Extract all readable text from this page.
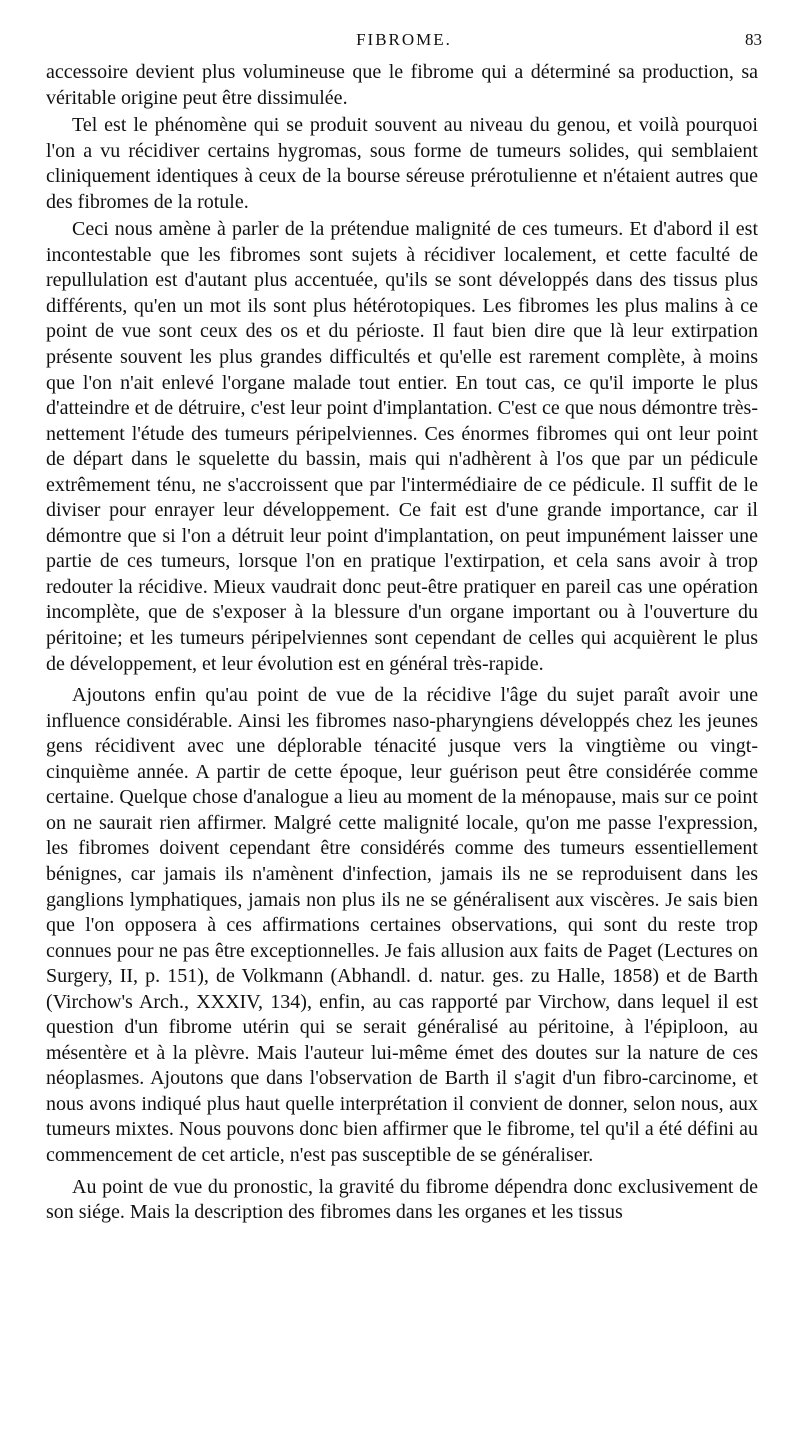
FIBROME.	83

accessoire devient plus volumineuse que le fibrome qui a déterminé sa production, sa véritable origine peut être dissimulée.

Tel est le phénomène qui se produit souvent au niveau du genou, et voilà pourquoi l'on a vu récidiver certains hygromas, sous forme de tumeurs solides, qui semblaient cliniquement identiques à ceux de la bourse séreuse prérotulienne et n'étaient autres que des fibromes de la rotule.

Ceci nous amène à parler de la prétendue malignité de ces tumeurs. Et d'abord il est incontestable que les fibromes sont sujets à récidiver localement, et cette faculté de repullulation est d'autant plus accentuée, qu'ils se sont développés dans des tissus plus différents, qu'en un mot ils sont plus hétérotopiques. Les fibromes les plus malins à ce point de vue sont ceux des os et du périoste. Il faut bien dire que là leur extirpation présente souvent les plus grandes difficultés et qu'elle est rarement complète, à moins que l'on n'ait enlevé l'organe malade tout entier. En tout cas, ce qu'il importe le plus d'atteindre et de détruire, c'est leur point d'implantation. C'est ce que nous démontre très-nettement l'étude des tumeurs péripelviennes. Ces énormes fibromes qui ont leur point de départ dans le squelette du bassin, mais qui n'adhèrent à l'os que par un pédicule extrêmement ténu, ne s'accroissent que par l'intermédiaire de ce pédicule. Il suffit de le diviser pour enrayer leur développement. Ce fait est d'une grande importance, car il démontre que si l'on a détruit leur point d'implantation, on peut impunément laisser une partie de ces tumeurs, lorsque l'on en pratique l'extirpation, et cela sans avoir à trop redouter la récidive. Mieux vaudrait donc peut-être pratiquer en pareil cas une opération incomplète, que de s'exposer à la blessure d'un organe important ou à l'ouverture du péritoine; et les tumeurs péripelviennes sont cependant de celles qui acquièrent le plus de développement, et leur évolution est en général très-rapide.

Ajoutons enfin qu'au point de vue de la récidive l'âge du sujet paraît avoir une influence considérable. Ainsi les fibromes naso-pharyngiens développés chez les jeunes gens récidivent avec une déplorable ténacité jusque vers la vingtième ou vingt-cinquième année. A partir de cette époque, leur guérison peut être considérée comme certaine. Quelque chose d'analogue a lieu au moment de la ménopause, mais sur ce point on ne saurait rien affirmer. Malgré cette malignité locale, qu'on me passe l'expression, les fibromes doivent cependant être considérés comme des tumeurs essentiellement bénignes, car jamais ils n'amènent d'infection, jamais ils ne se reproduisent dans les ganglions lymphatiques, jamais non plus ils ne se généralisent aux viscères. Je sais bien que l'on opposera à ces affirmations certaines observations, qui sont du reste trop connues pour ne pas être exceptionnelles. Je fais allusion aux faits de Paget (Lectures on Surgery, II, p. 151), de Volkmann (Abhandl. d. natur. ges. zu Halle, 1858) et de Barth (Virchow's Arch., XXXIV, 134), enfin, au cas rapporté par Virchow, dans lequel il est question d'un fibrome utérin qui se serait généralisé au péritoine, à l'épiploon, au mésentère et à la plèvre. Mais l'auteur lui-même émet des doutes sur la nature de ces néoplasmes. Ajoutons que dans l'observation de Barth il s'agit d'un fibro-carcinome, et nous avons indiqué plus haut quelle interprétation il convient de donner, selon nous, aux tumeurs mixtes. Nous pouvons donc bien affirmer que le fibrome, tel qu'il a été défini au commencement de cet article, n'est pas susceptible de se généraliser.

Au point de vue du pronostic, la gravité du fibrome dépendra donc exclusivement de son siége. Mais la description des fibromes dans les organes et les tissus
